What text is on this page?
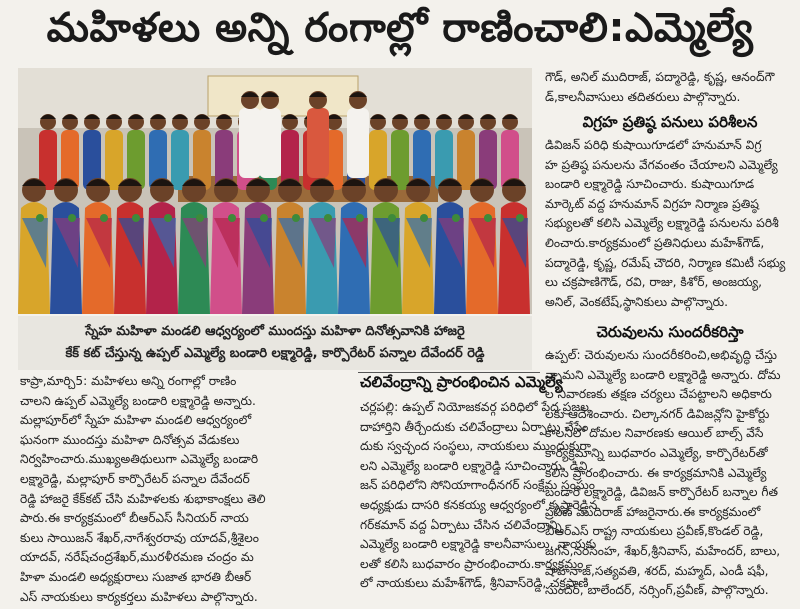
మహిళలు అన్ని రంగాల్లో రాణించాలి:ఎమ్మెల్యే
స్నేహ మహిళా మండలి ఆధ్వర్యంలో ముందస్తు మహిళా దినోత్సవానికి హాజరై
కేక్ కట్ చేస్తున్న ఉప్పల్ ఎమ్మెల్యే బండారి లక్ష్మారెడ్డి, కార్పొరేటర్ పన్నాల దేవేందర్ రెడ్డి

కాప్రా,మార్చి5: మహిళలు అన్ని రంగాల్లో రాణిం

చాలని ఉప్పల్ ఎమ్మెల్యే బండారి లక్ష్మారెడ్డి అన్నారు.

మల్లాపూర్‌లో స్నేహ మహిళా మండలి ఆధ్వర్యంలో

ఘనంగా ముందస్తు మహిళా దినోత్సవ వేడుకలు

నిర్వహించారు.ముఖ్యఅతిథులుగా ఎమ్మెల్యే బండారి

లక్ష్మారెడ్డి, మల్లాపూర్ కార్పొరేటర్ పన్నాల దేవేందర్

రెడ్డి హాజరై కేక్‌కట్ చేసి మహిళలకు శుభాకాంక్షలు తెలి

పారు.ఈ కార్యక్రమంలో బీఆర్ఎస్ సీనియర్ నాయ

కులు సాయిజన్ శేఖర్,నాగేశ్వరరావు యాదవ్,శ్రీశైలం

యాదవ్, నరేష్‌చంద్రశేఖర్,మురళీరమణ చంద్రం మ

హిళా మండలి అధ్యక్షురాలు సుజాత భారతి బీఆర్

ఎస్ నాయకులు కార్యకర్తలు మహిళలు పాల్గొన్నారు.

చలివేంద్రాన్ని ప్రారంభించిన ఎమ్మెల్యే

చర్లపల్లి: ఉప్పల్ నియోజకవర్గ పరిధిలో పేద ప్రజల

దాహార్తిని తీర్చేందుకు చలివేంద్రాలు ఏర్పాటు చేసేం

దుకు స్వచ్ఛంద సంస్థలు, నాయకులు ముందుకురా

లని ఎమ్మెల్యే బండారి లక్ష్మారెడ్డి సూచించారు. డివి

జన్ పరిధిలోని సోనియాగాంధీనగర్ సంక్షేమ సంఘం

అధ్యక్షుడు దాసరి కనకయ్య ఆధ్వర్యంలో కృష్ణారెడ్డిన

గర్‌కమాన్ వద్ద ఏర్పాటు చేసిన చలివేంద్రాన్ని

ఎమ్మెల్యే బండారి లక్ష్మారెడ్డి కాలనీవాసులు, నాయకు

లతో కలిసి బుధవారం ప్రారంభించారు.కార్యక్రమం

లో నాయకులు మహేశ్‌గౌడ్, శ్రీనివాస్‌రెడ్డి, చక్రపాణి

గౌడ్, అనిల్ ముదిరాజ్, పద్మారెడ్డి, కృష్ణ, ఆనంద్‌గౌ

డ్,కాలనీవాసులు తదితరులు పాల్గొన్నారు.

విగ్రహ ప్రతిష్ఠ పనులు పరిశీలన

డివిజన్ పరిధి కుషాయిగూడలో హనుమాన్ విగ్ర

హ ప్రతిష్ఠ పనులను వేగవంతం చేయాలని ఎమ్మెల్యే

బండారి లక్ష్మారెడ్డి సూచించారు. కుషాయిగూడ

మార్కెట్ వద్ద హనుమాన్ విగ్రహ నిర్మాణ ప్రతిష్ఠ

సభ్యులతో కలిసి ఎమ్మెల్యే లక్ష్మారెడ్డి పనులను పరిశీ

లించారు.కార్యక్రమంలో ప్రతినిధులు మహేశ్‌గౌడ్,

పద్మారెడ్డి, కృష్ణ, రమేష్ చౌదరి, నిర్మాణ కమిటీ సభ్యు

లు చక్రపాణిగౌడ్, రవి, రాజు, కిశోర్, అంజయ్య,

అనిల్, వెంకటేష్,స్థానికులు పాల్గొన్నారు.

చెరువులను సుందరీకరిస్తా

ఉప్పల్: చెరువులను సుందరీకరించి,అభివృద్ధి చేస్తు

న్నామని ఎమ్మెల్యే బండారి లక్ష్మారెడ్డి అన్నారు. దోమ

ల నివారణకు తక్షణ చర్యలు చేపట్టాలని అధికారు

లకు ఆదేశించారు. చిల్కానగర్ డివిజన్లోని హైకోర్టు

కాలనీలో దోమల నివారణకు ఆయిల్ బాల్స్ వేసే

కార్యక్రమాన్ని బుధవారం ఎమ్మెల్యే, కార్పొరేటర్‌తో

కలిసి ప్రారంభించారు. ఈ కార్యక్రమానికి ఎమ్మెల్యే

బండారి లక్ష్మారెడ్డి, డివిజన్ కార్పొరేటర్ బన్నాల గీత

ప్రవీణ్ ముదిరాజ్ హాజరైనారు.ఈ కార్యక్రమంలో

బీఆర్ఎస్ రాష్ట్ర నాయకులు ప్రవీణ్,కొండల్ రెడ్డి,

జగన్,నరసింహ, శేఖర్,శ్రీనివాస్, మహేందర్, బాలు,

షాహనాజ్,సత్యవతి, శరద్, మహ్మద్, ఎండీ షఫీ,

సుందర్, బాలేందర్, నర్సింగ్,ప్రవీణ్, పాల్గొన్నారు.
